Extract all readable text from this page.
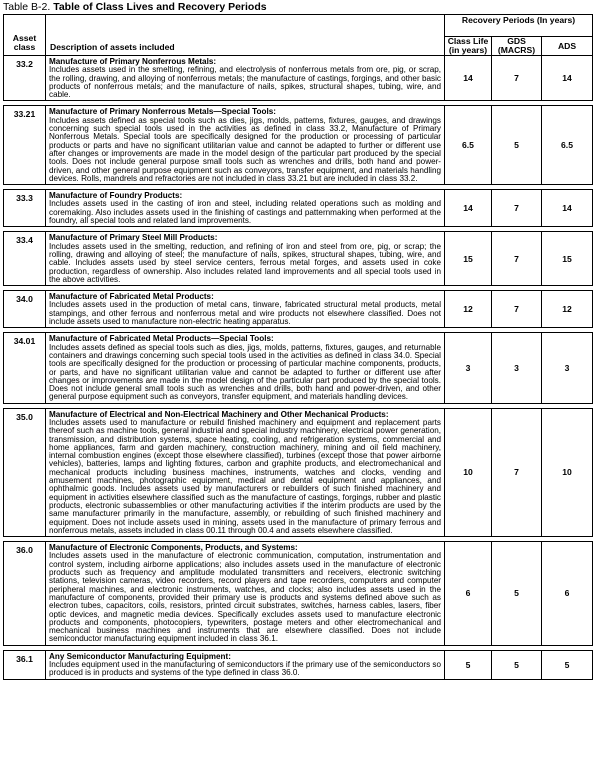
Table B-2. Table of Class Lives and Recovery Periods
Asset class	Description of assets included	Recovery Periods (In years)		
		Class Life (in years)	GDS (MACRS)	ADS
33.2	Manufacture of Primary Nonferrous Metals:
Includes assets used in the smelting, refining, and electrolysis of nonferrous metals from ore, pig, or scrap, the rolling, drawing, and alloying of nonferrous metals; the manufacture of castings, forgings, and other basic products of nonferrous metals; and the manufacture of nails, spikes, structural shapes, tubing, wire, and cable.	14	7	14

33.21	Manufacture of Primary Nonferrous Metals—Special Tools:
Includes assets defined as special tools such as dies, jigs, molds, patterns, fixtures, gauges, and drawings concerning such special tools used in the activities as defined in class 33.2, Manufacture of Primary Nonferrous Metals. Special tools are specifically designed for the production or processing of particular products or parts and have no significant utilitarian value and cannot be adapted to further or different use after changes or improvements are made in the model design of the particular part produced by the special tools. Does not include general purpose small tools such as wrenches and drills, both hand and power-driven, and other general purpose equipment such as conveyors, transfer equipment, and materials handling devices. Rolls, mandrels and refractories are not included in class 33.21 but are included in class 33.2.	6.5	5	6.5

33.3	Manufacture of Foundry Products:
Includes assets used in the casting of iron and steel, including related operations such as molding and coremaking. Also includes assets used in the finishing of castings and patternmaking when performed at the foundry, all special tools and related land improvements.	14	7	14

33.4	Manufacture of Primary Steel Mill Products:
Includes assets used in the smelting, reduction, and refining of iron and steel from ore, pig, or scrap; the rolling, drawing and alloying of steel; the manufacture of nails, spikes, structural shapes, tubing, wire, and cable. Includes assets used by steel service centers, ferrous metal forges, and assets used in coke production, regardless of ownership. Also includes related land improvements and all special tools used in the above activities.	15	7	15

34.0	Manufacture of Fabricated Metal Products:
Includes assets used in the production of metal cans, tinware, fabricated structural metal products, metal stampings, and other ferrous and nonferrous metal and wire products not elsewhere classified. Does not include assets used to manufacture non-electric heating apparatus.	12	7	12

34.01	Manufacture of Fabricated Metal Products—Special Tools:
Includes assets defined as special tools such as dies, jigs, molds, patterns, fixtures, gauges, and returnable containers and drawings concerning such special tools used in the activities as defined in class 34.0. Special tools are specifically designed for the production or processing of particular machine components, products, or parts, and have no significant utilitarian value and cannot be adapted to further or different use after changes or improvements are made in the model design of the particular part produced by the special tools. Does not include general small tools such as wrenches and drills, both hand and power-driven, and other general purpose equipment such as conveyors, transfer equipment, and materials handling devices.	3	3	3

35.0	Manufacture of Electrical and Non-Electrical Machinery and Other Mechanical Products:
Includes assets used to manufacture or rebuild finished machinery and equipment and replacement parts thereof such as machine tools, general industrial and special industry machinery, electrical power generation, transmission, and distribution systems, space heating, cooling, and refrigeration systems, commercial and home appliances, farm and garden machinery, construction machinery, mining and oil field machinery, internal combustion engines (except those elsewhere classified), turbines (except those that power airborne vehicles), batteries, lamps and lighting fixtures, carbon and graphite products, and electromechanical and mechanical products including business machines, instruments, watches and clocks, vending and amusement machines, photographic equipment, medical and dental equipment and appliances, and ophthalmic goods. Includes assets used by manufacturers or rebuilders of such finished machinery and equipment in activities elsewhere classified such as the manufacture of castings, forgings, rubber and plastic products, electronic subassemblies or other manufacturing activities if the interim products are used by the same manufacturer primarily in the manufacture, assembly, or rebuilding of such finished machinery and equipment. Does not include assets used in mining, assets used in the manufacture of primary ferrous and nonferrous metals, assets included in class 00.11 through 00.4 and assets elsewhere classified.	10	7	10

36.0	Manufacture of Electronic Components, Products, and Systems:
Includes assets used in the manufacture of electronic communication, computation, instrumentation and control system, including airborne applications; also includes assets used in the manufacture of electronic products such as frequency and amplitude modulated transmitters and receivers, electronic switching stations, television cameras, video recorders, record players and tape recorders, computers and computer peripheral machines, and electronic instruments, watches, and clocks; also includes assets used in the manufacture of components, provided their primary use is products and systems defined above such as electron tubes, capacitors, coils, resistors, printed circuit substrates, switches, harness cables, lasers, fiber optic devices, and magnetic media devices. Specifically excludes assets used to manufacture electronic products and components, photocopiers, typewriters, postage meters and other electromechanical and mechanical business machines and instruments that are elsewhere classified. Does not include semiconductor manufacturing equipment included in class 36.1.	6	5	6

36.1	Any Semiconductor Manufacturing Equipment:
Includes equipment used in the manufacturing of semiconductors if the primary use of the semiconductors so produced is in products and systems of the type defined in class 36.0.	5	5	5
